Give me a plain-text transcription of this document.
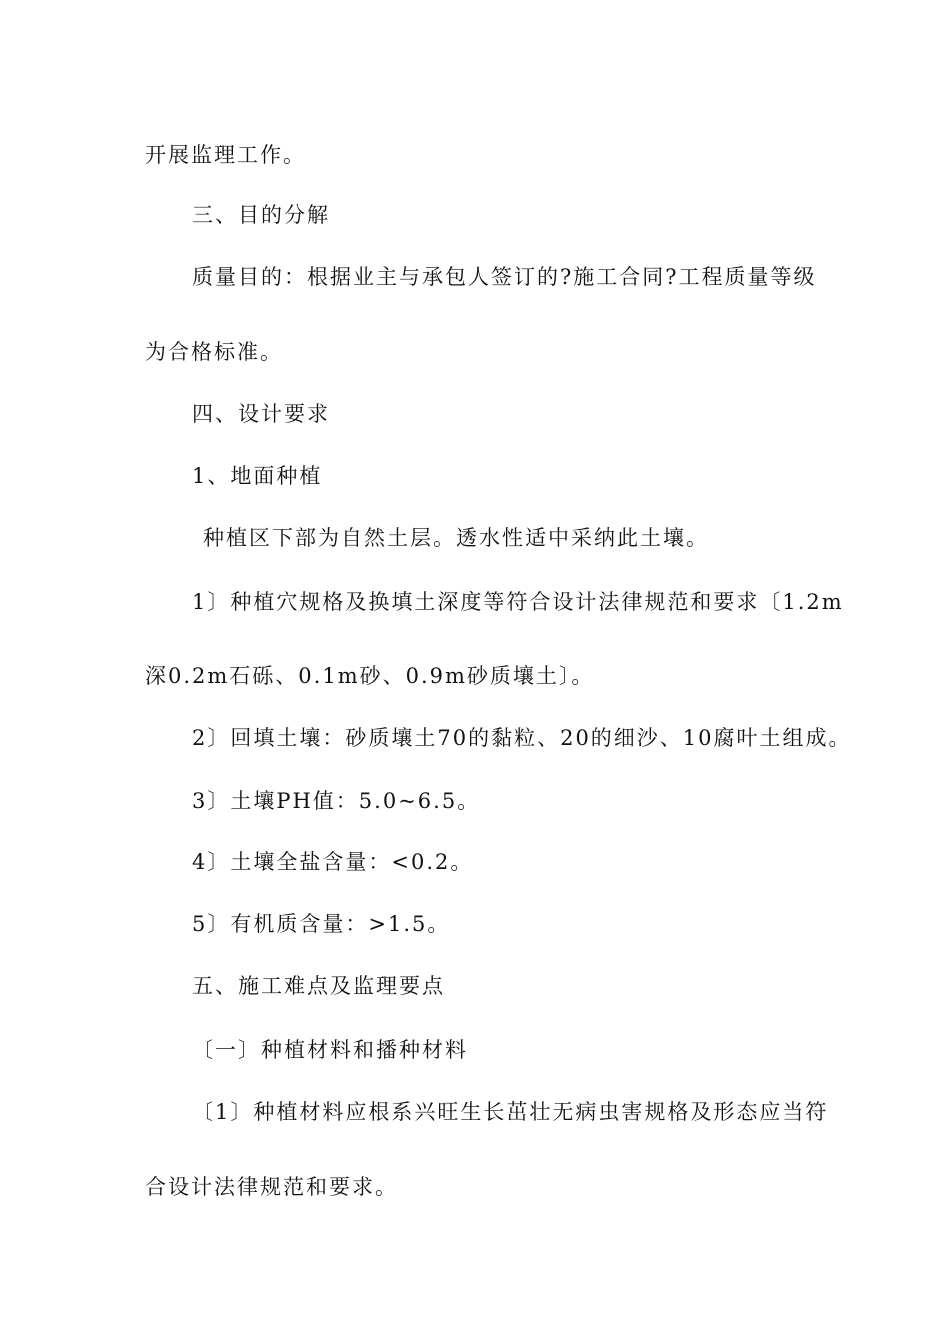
开展监理工作。
三、目的分解
质量目的：根据业主与承包人签订的?施工合同?工程质量等级
为合格标准。
四、设计要求
1、地面种植
种植区下部为自然土层。透水性适中采纳此土壤。
1〕种植穴规格及换填土深度等符合设计法律规范和要求〔1.2m
深0.2m石砾、0.1m砂、0.9m砂质壤土〕。
2〕回填土壤：砂质壤土70的黏粒、20的细沙、10腐叶土组成。
3〕土壤PH值：5.0~6.5。
4〕土壤全盐含量：<0.2。
5〕有机质含量：>1.5。
五、施工难点及监理要点
〔一〕种植材料和播种材料
〔1〕种植材料应根系兴旺生长茁壮无病虫害规格及形态应当符
合设计法律规范和要求。
